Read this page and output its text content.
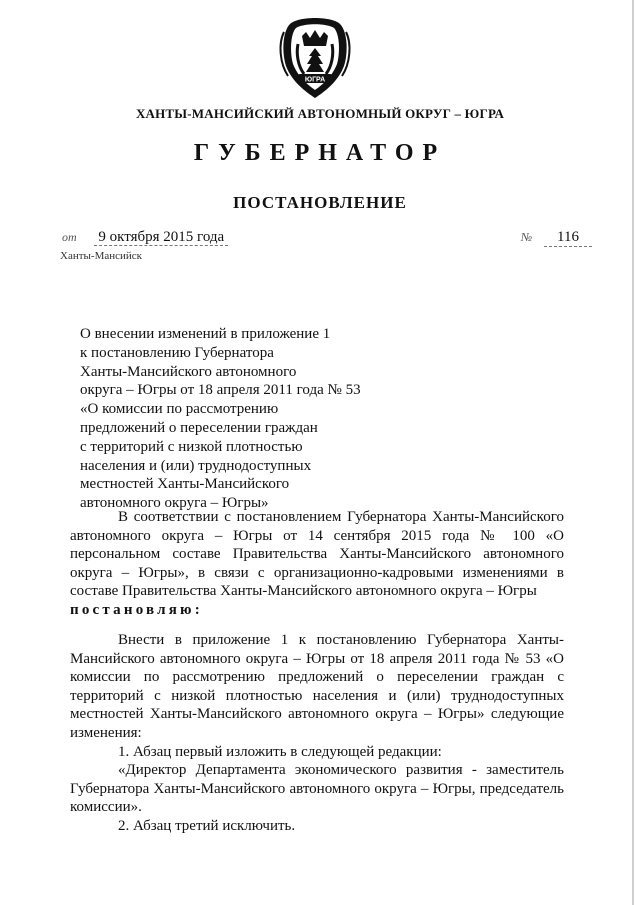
ЮГРА
ХАНТЫ-МАНСИЙСКИЙ АВТОНОМНЫЙ ОКРУГ – ЮГРА
ГУБЕРНАТОР
ПОСТАНОВЛЕНИЕ
от 9 октября 2015 года	№ 116
Ханты-Мансийск
О внесении изменений в приложение 1
к постановлению Губернатора
Ханты-Мансийского автономного
округа – Югры от 18 апреля 2011 года № 53
«О комиссии по рассмотрению
предложений о переселении граждан
с территорий с низкой плотностью
населения и (или) труднодоступных
местностей Ханты-Мансийского
автономного округа – Югры»

В соответствии с постановлением Губернатора Ханты-Мансийского автономного округа – Югры от 14 сентября 2015 года № 100 «О персональном составе Правительства Ханты-Мансийского автономного округа – Югры», в связи с организационно-кадровыми изменениями в составе Правительства Ханты-Мансийского автономного округа – Югры

постановляю:

Внести в приложение 1 к постановлению Губернатора Ханты-Мансийского автономного округа – Югры от 18 апреля 2011 года № 53 «О комиссии по рассмотрению предложений о переселении граждан с территорий с низкой плотностью населения и (или) труднодоступных местностей Ханты-Мансийского автономного округа – Югры» следующие изменения:

1. Абзац первый изложить в следующей редакции:

«Директор Департамента экономического развития - заместитель Губернатора Ханты-Мансийского автономного округа – Югры, председатель комиссии».

2. Абзац третий исключить.
